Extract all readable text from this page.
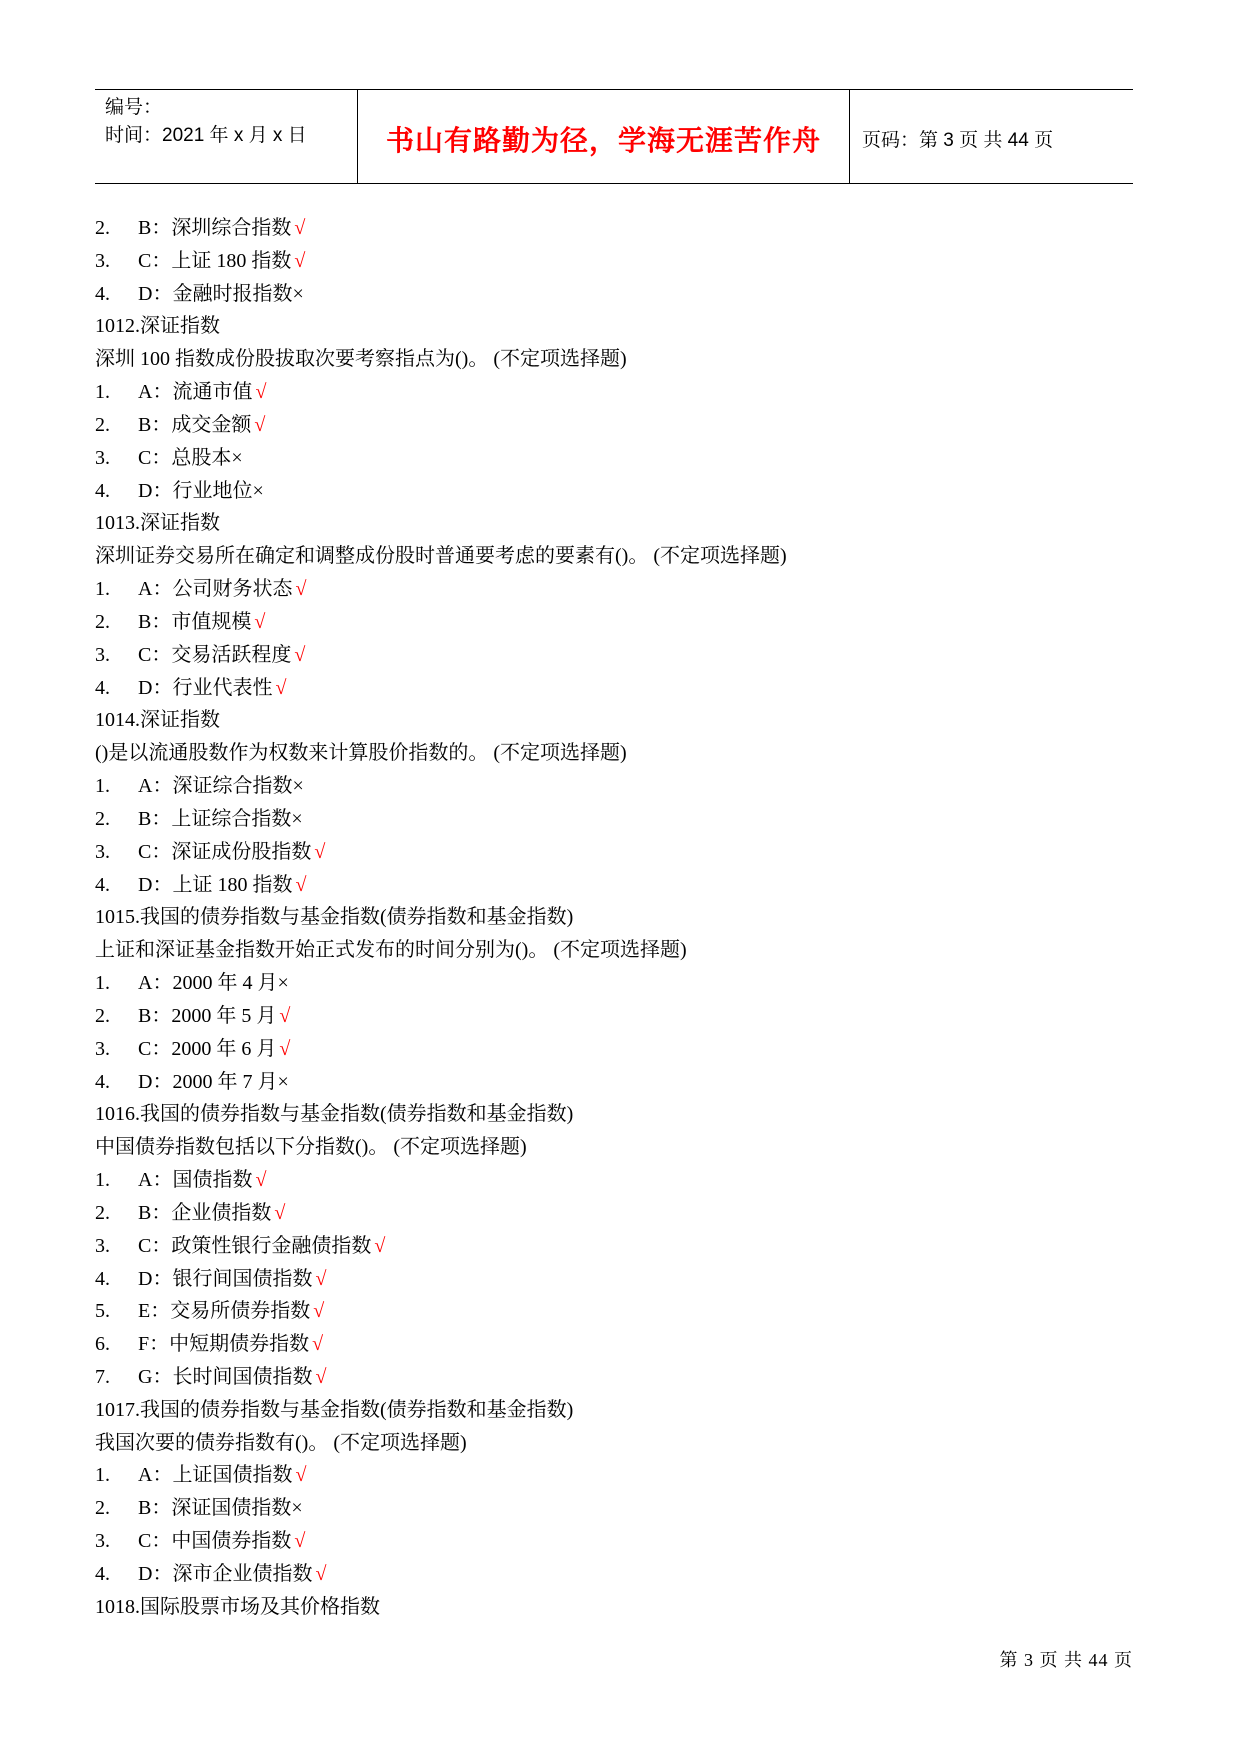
编号：
时间：2021 年 x 月 x 日	书山有路勤为径，学海无涯苦作舟 页码：第 3 页 共 44 页
2. B：深圳综合指数 √
3. C：上证 180 指数 √
4. D：金融时报指数×
1012.深证指数
深圳 100 指数成份股拔取次要考察指点为()。 (不定项选择题)
1. A：流通市值 √
2. B：成交金额 √
3. C：总股本×
4. D：行业地位×
1013.深证指数
深圳证券交易所在确定和调整成份股时普通要考虑的要素有()。 (不定项选择题)
1. A：公司财务状态 √
2. B：市值规模 √
3. C：交易活跃程度 √
4. D：行业代表性 √
1014.深证指数
()是以流通股数作为权数来计算股价指数的。 (不定项选择题)
1. A：深证综合指数×
2. B：上证综合指数×
3. C：深证成份股指数 √
4. D：上证 180 指数 √
1015.我国的债券指数与基金指数(债券指数和基金指数)
上证和深证基金指数开始正式发布的时间分别为()。 (不定项选择题)
1. A：2000 年 4 月×
2. B：2000 年 5 月 √
3. C：2000 年 6 月 √
4. D：2000 年 7 月×
1016.我国的债券指数与基金指数(债券指数和基金指数)
中国债券指数包括以下分指数()。 (不定项选择题)
1. A：国债指数 √
2. B：企业债指数 √
3. C：政策性银行金融债指数 √
4. D：银行间国债指数 √
5. E：交易所债券指数 √
6. F：中短期债券指数 √
7. G：长时间国债指数 √
1017.我国的债券指数与基金指数(债券指数和基金指数)
我国次要的债券指数有()。 (不定项选择题)
1. A：上证国债指数 √
2. B：深证国债指数×
3. C：中国债券指数 √
4. D：深市企业债指数 √
1018.国际股票市场及其价格指数
第 3 页 共 44 页
